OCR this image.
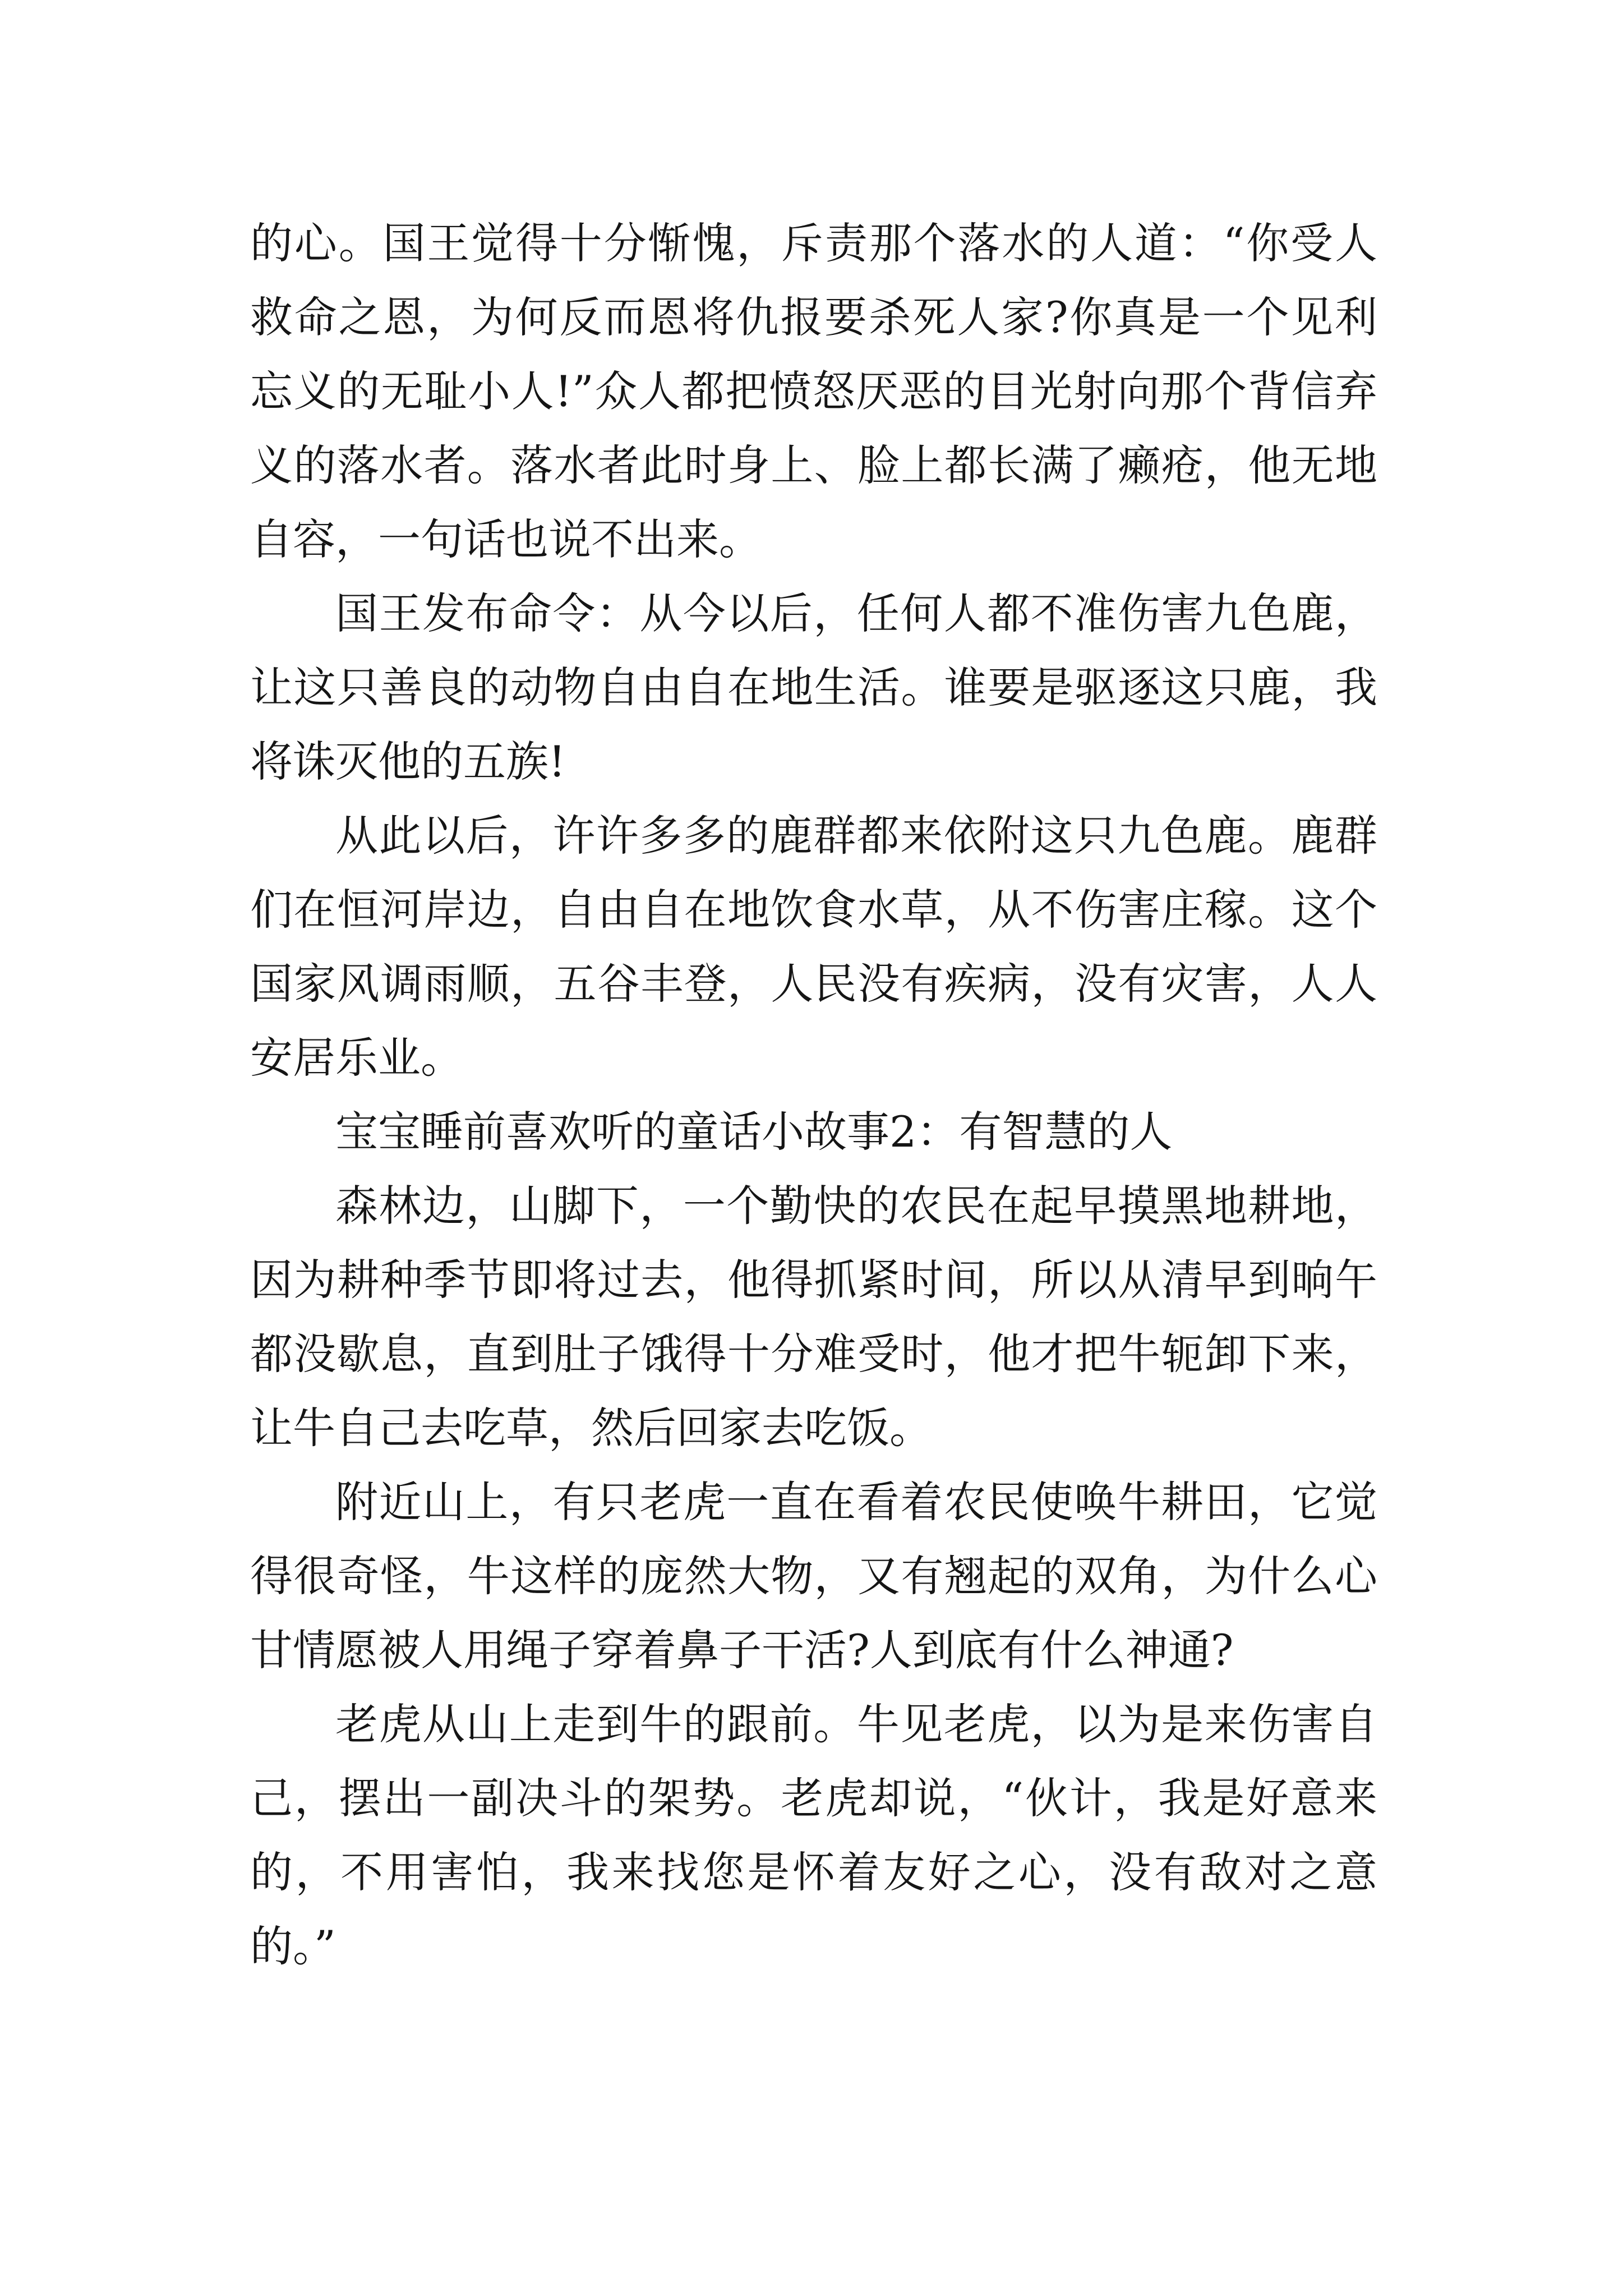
的心。国王觉得十分惭愧，斥责那个落水的人道：“你受人救命之恩，为何反而恩将仇报要杀死人家?你真是一个见利忘义的无耻小人!”众人都把愤怒厌恶的目光射向那个背信弃义的落水者。落水者此时身上、脸上都长满了癞疮，他无地自容，一句话也说不出来。

国王发布命令：从今以后，任何人都不准伤害九色鹿，让这只善良的动物自由自在地生活。谁要是驱逐这只鹿，我将诛灭他的五族!

从此以后，许许多多的鹿群都来依附这只九色鹿。鹿群们在恒河岸边，自由自在地饮食水草，从不伤害庄稼。这个国家风调雨顺，五谷丰登，人民没有疾病，没有灾害，人人安居乐业。

宝宝睡前喜欢听的童话小故事2：有智慧的人

森林边，山脚下，一个勤快的农民在起早摸黑地耕地，因为耕种季节即将过去，他得抓紧时间，所以从清早到晌午都没歇息，直到肚子饿得十分难受时，他才把牛轭卸下来，让牛自己去吃草，然后回家去吃饭。

附近山上，有只老虎一直在看着农民使唤牛耕田，它觉得很奇怪，牛这样的庞然大物，又有翘起的双角，为什么心甘情愿被人用绳子穿着鼻子干活?人到底有什么神通?

老虎从山上走到牛的跟前。牛见老虎，以为是来伤害自己，摆出一副决斗的架势。老虎却说，“伙计，我是好意来的，不用害怕，我来找您是怀着友好之心，没有敌对之意的。”
